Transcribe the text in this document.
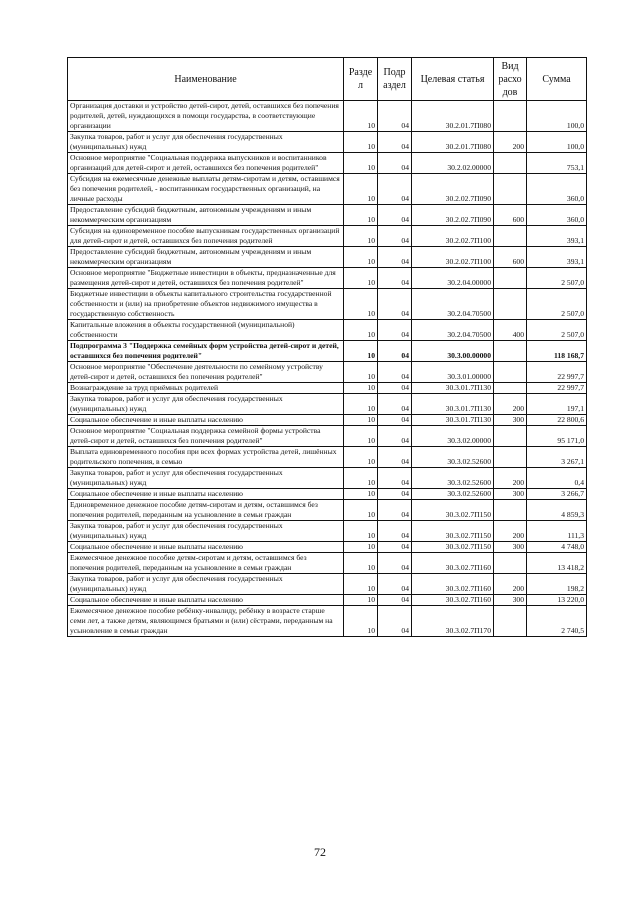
Наименование	Разде л	Подр аздел	Целевая статья	Вид расхо дов	Сумма
Организация доставки и устройство детей-сирот, детей, оставшихся без попечения родителей, детей, нуждающихся в помощи государства, в соответствующие организации	10	04	30.2.01.7П080		100,0
Закупка товаров, работ и услуг для обеспечения государственных (муниципальных) нужд	10	04	30.2.01.7П080	200	100,0
Основное мероприятие "Социальная поддержка выпускников и воспитанников организаций для детей-сирот и детей, оставшихся без попечения родителей"	10	04	30.2.02.00000		753,1
Субсидия на ежемесячные денежные выплаты детям-сиротам и детям, оставшимся без попечения родителей, - воспитанникам государственных организаций, на личные расходы	10	04	30.2.02.7П090		360,0
Предоставление субсидий бюджетным, автономным учреждениям и иным некоммерческим организациям	10	04	30.2.02.7П090	600	360,0
Субсидия на единовременное пособие выпускникам государственных организаций для детей-сирот и детей, оставшихся без попечения родителей	10	04	30.2.02.7П100		393,1
Предоставление субсидий бюджетным, автономным учреждениям и иным некоммерческим организациям	10	04	30.2.02.7П100	600	393,1
Основное мероприятие "Бюджетные инвестиции в объекты, предназначенные для размещения детей-сирот и детей, оставшихся без попечения родителей"	10	04	30.2.04.00000		2 507,0
Бюджетные инвестиции в объекты капитального строительства государственной собственности и (или) на приобретение объектов недвижимого имущества в государственную собственность	10	04	30.2.04.70500		2 507,0
Капитальные вложения в объекты государственной (муниципальной) собственности	10	04	30.2.04.70500	400	2 507,0
Подпрограмма 3 "Поддержка семейных форм устройства детей-сирот и детей, оставшихся без попечения родителей"	10	04	30.3.00.00000		118 168,7
Основное мероприятие "Обеспечение деятельности по семейному устройству детей-сирот и детей, оставшихся без попечения родителей"	10	04	30.3.01.00000		22 997,7
Вознаграждение за труд приёмных родителей	10	04	30.3.01.7П130		22 997,7
Закупка товаров, работ и услуг для обеспечения государственных (муниципальных) нужд	10	04	30.3.01.7П130	200	197,1
Социальное обеспечение и иные выплаты населению	10	04	30.3.01.7П130	300	22 800,6
Основное мероприятие "Социальная поддержка семейной формы устройства детей-сирот и детей, оставшихся без попечения родителей"	10	04	30.3.02.00000		95 171,0
Выплата единовременного пособия при всех формах устройства детей, лишённых родительского попечения, в семью	10	04	30.3.02.52600		3 267,1
Закупка товаров, работ и услуг для обеспечения государственных (муниципальных) нужд	10	04	30.3.02.52600	200	0,4
Социальное обеспечение и иные выплаты населению	10	04	30.3.02.52600	300	3 266,7
Единовременное денежное пособие детям-сиротам и детям, оставшимся без попечения родителей, переданным на усыновление в семьи граждан	10	04	30.3.02.7П150		4 859,3
Закупка товаров, работ и услуг для обеспечения государственных (муниципальных) нужд	10	04	30.3.02.7П150	200	111,3
Социальное обеспечение и иные выплаты населению	10	04	30.3.02.7П150	300	4 748,0
Ежемесячное денежное пособие детям-сиротам и детям, оставшимся без попечения родителей, переданным на усыновление в семьи граждан	10	04	30.3.02.7П160		13 418,2
Закупка товаров, работ и услуг для обеспечения государственных (муниципальных) нужд	10	04	30.3.02.7П160	200	198,2
Социальное обеспечение и иные выплаты населению	10	04	30.3.02.7П160	300	13 220,0
Ежемесячное денежное пособие ребёнку-инвалиду, ребёнку в возрасте старше семи лет, а также детям, являющимся братьями и (или) сёстрами, переданным на усыновление в семьи граждан	10	04	30.3.02.7П170		2 740,5
72
